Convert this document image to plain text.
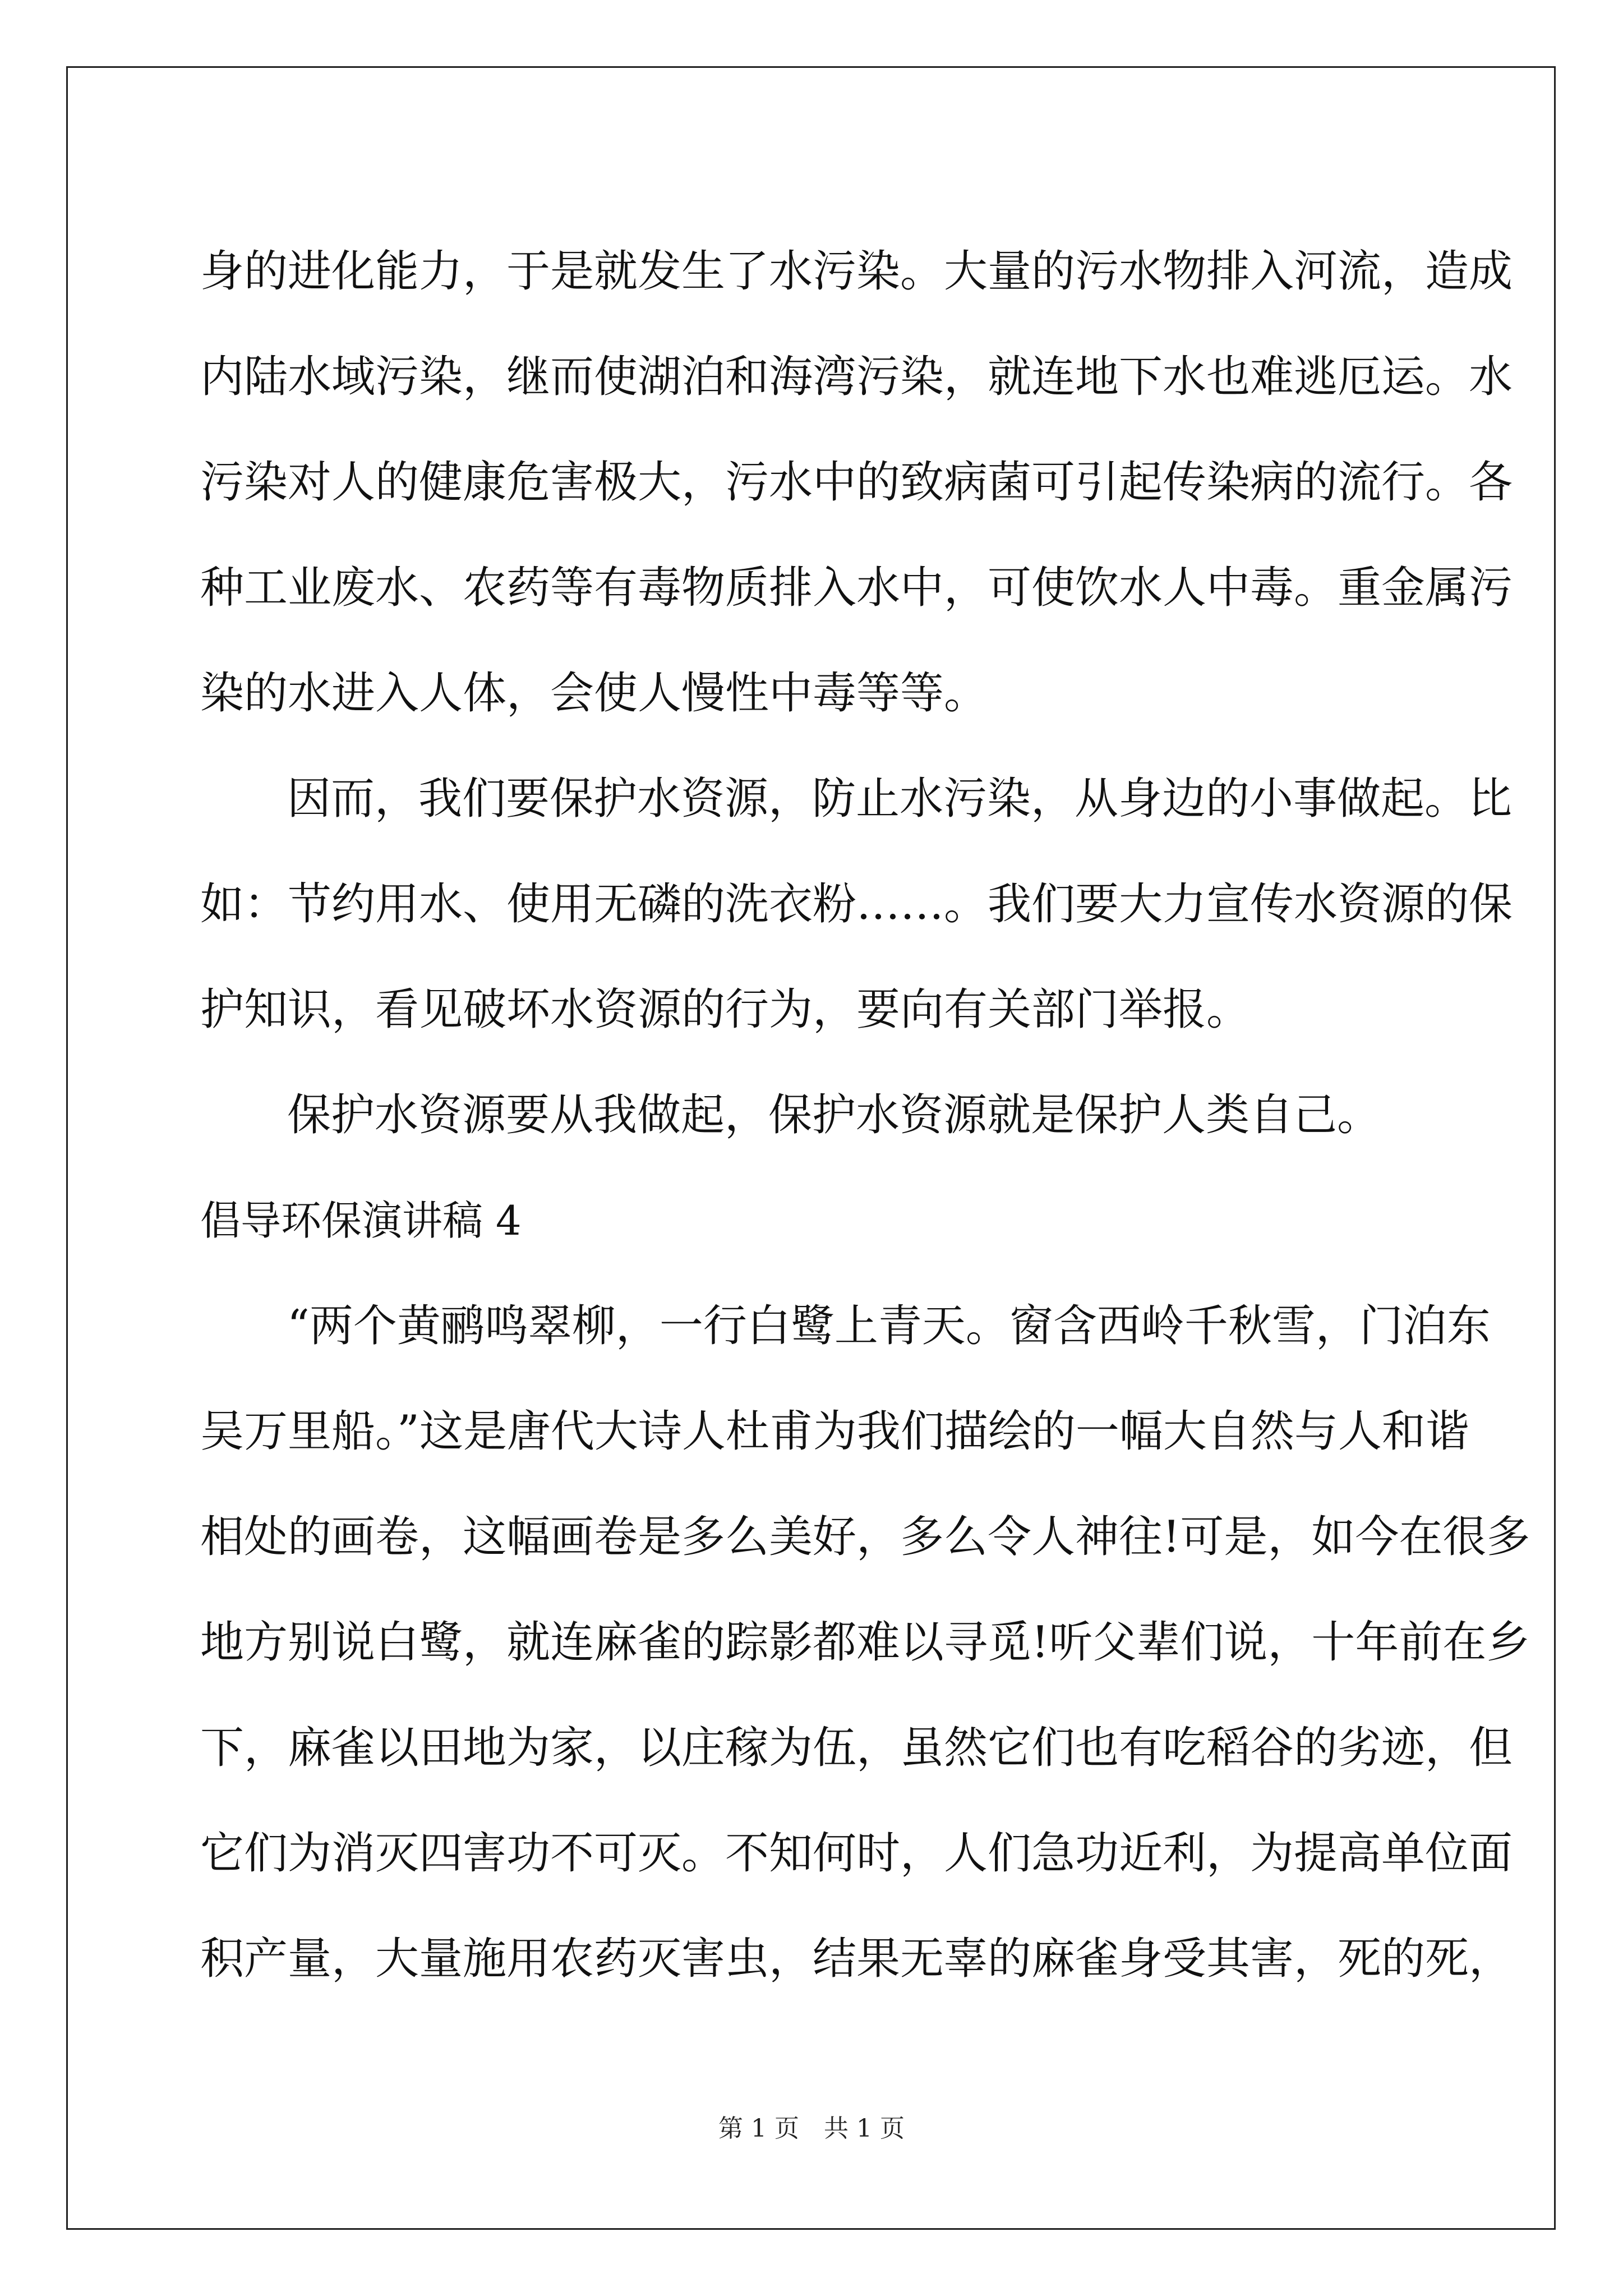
身的进化能力，于是就发生了水污染。大量的污水物排入河流，造成
内陆水域污染，继而使湖泊和海湾污染，就连地下水也难逃厄运。水
污染对人的健康危害极大，污水中的致病菌可引起传染病的流行。各
种工业废水、农药等有毒物质排入水中，可使饮水人中毒。重金属污
染的水进入人体，会使人慢性中毒等等。
因而，我们要保护水资源，防止水污染，从身边的小事做起。比
如：节约用水、使用无磷的洗衣粉……。我们要大力宣传水资源的保
护知识，看见破坏水资源的行为，要向有关部门举报。
保护水资源要从我做起，保护水资源就是保护人类自己。
倡导环保演讲稿 4
“两个黄鹂鸣翠柳，一行白鹭上青天。窗含西岭千秋雪，门泊东
吴万里船。”这是唐代大诗人杜甫为我们描绘的一幅大自然与人和谐
相处的画卷，这幅画卷是多么美好，多么令人神往!可是，如今在很多
地方别说白鹭，就连麻雀的踪影都难以寻觅!听父辈们说，十年前在乡
下，麻雀以田地为家，以庄稼为伍，虽然它们也有吃稻谷的劣迹，但
它们为消灭四害功不可灭。不知何时，人们急功近利，为提高单位面
积产量，大量施用农药灭害虫，结果无辜的麻雀身受其害，死的死，
第 1 页　共 1 页
